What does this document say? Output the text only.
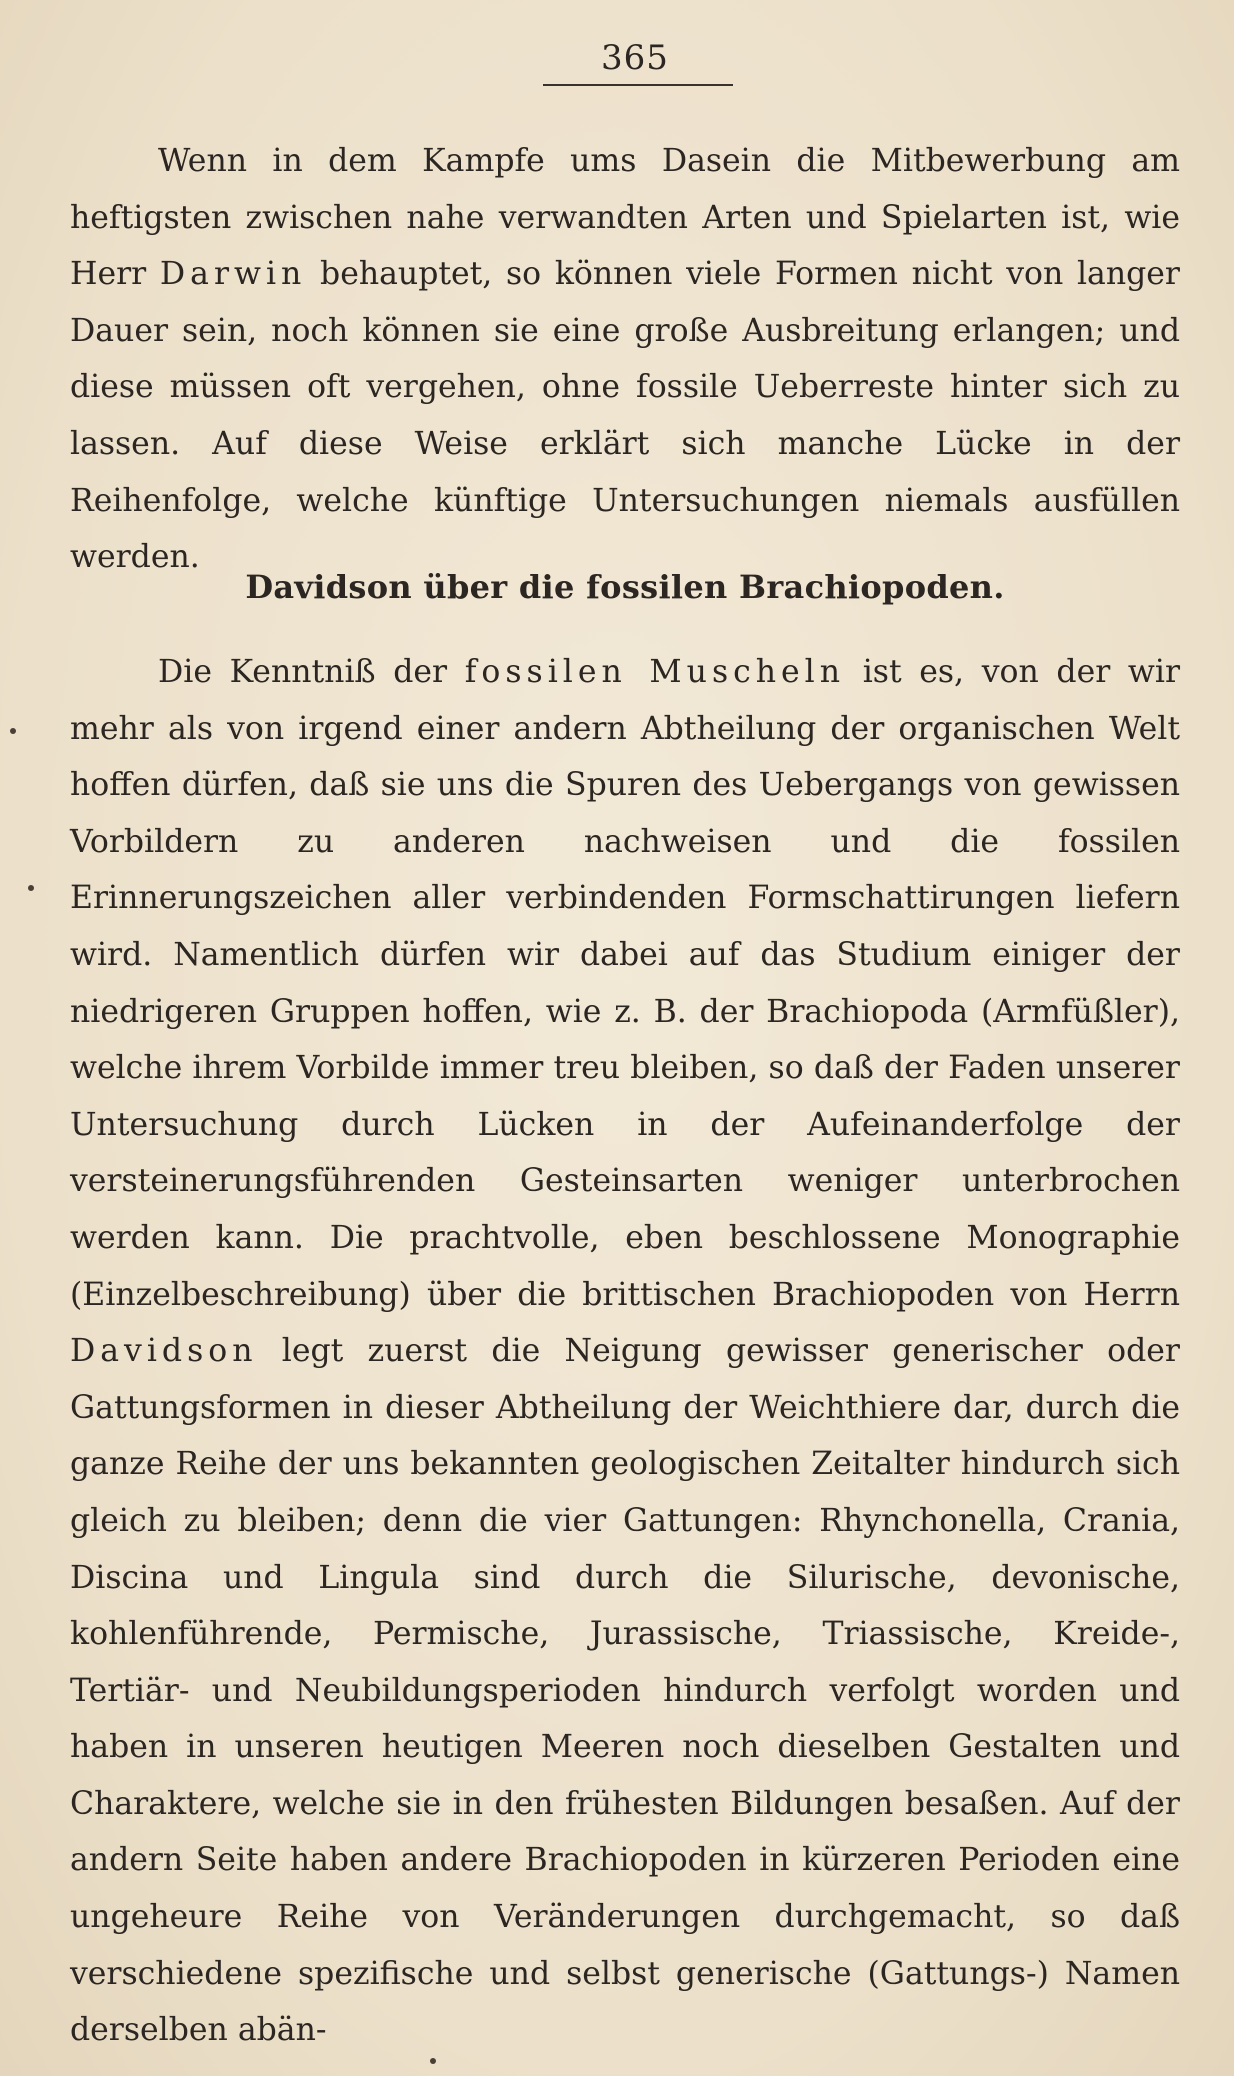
365

Wenn in dem Kampfe ums Dasein die Mitbewerbung am heftigsten zwischen nahe verwandten Arten und Spielarten ist, wie Herr Darwin behauptet, so können viele Formen nicht von langer Dauer sein, noch können sie eine große Ausbreitung erlangen; und diese müssen oft vergehen, ohne fossile Ueberreste hinter sich zu lassen. Auf diese Weise erklärt sich manche Lücke in der Reihenfolge, welche künftige Untersuchungen niemals ausfüllen werden.

Davidson über die fossilen Brachiopoden.

Die Kenntniß der fossilen Muscheln ist es, von der wir mehr als von irgend einer andern Abtheilung der organischen Welt hoffen dürfen, daß sie uns die Spuren des Uebergangs von gewissen Vorbildern zu anderen nachweisen und die fossilen Erinnerungszeichen aller verbindenden Formschattirungen liefern wird. Namentlich dürfen wir dabei auf das Studium einiger der niedrigeren Gruppen hoffen, wie z. B. der Brachiopoda (Armfüßler), welche ihrem Vorbilde immer treu bleiben, so daß der Faden unserer Untersuchung durch Lücken in der Aufeinanderfolge der versteinerungsführenden Gesteinsarten weniger unterbrochen werden kann. Die prachtvolle, eben beschlossene Monographie (Einzelbeschreibung) über die brittischen Brachiopoden von Herrn Davidson legt zuerst die Neigung gewisser generischer oder Gattungsformen in dieser Abtheilung der Weichthiere dar, durch die ganze Reihe der uns bekannten geologischen Zeitalter hindurch sich gleich zu bleiben; denn die vier Gattungen: Rhynchonella, Crania, Discina und Lingula sind durch die Silurische, devonische, kohlenführende, Permische, Jurassische, Triassische, Kreide-, Tertiär- und Neubildungsperioden hindurch verfolgt worden und haben in unseren heutigen Meeren noch dieselben Gestalten und Charaktere, welche sie in den frühesten Bildungen besaßen. Auf der andern Seite haben andere Brachiopoden in kürzeren Perioden eine ungeheure Reihe von Veränderungen durchgemacht, so daß verschiedene spezifische und selbst generische (Gattungs-) Namen derselben abän-
